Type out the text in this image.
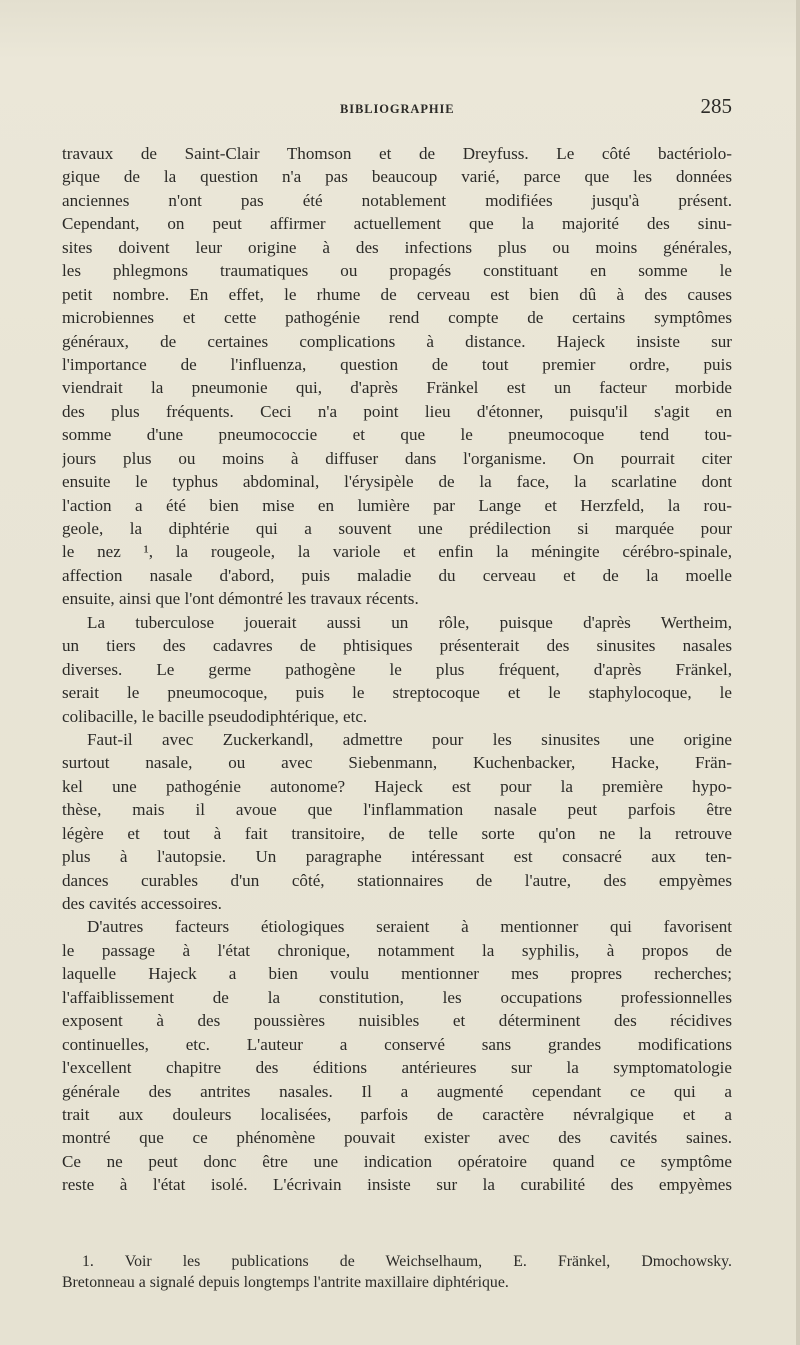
BIBLIOGRAPHIE	285
travaux de Saint-Clair Thomson et de Dreyfuss. Le côté bactériolo-
gique de la question n'a pas beaucoup varié, parce que les données
anciennes n'ont pas été notablement modifiées jusqu'à présent.
Cependant, on peut affirmer actuellement que la majorité des sinu-
sites doivent leur origine à des infections plus ou moins générales,
les phlegmons traumatiques ou propagés constituant en somme le
petit nombre. En effet, le rhume de cerveau est bien dû à des causes
microbiennes et cette pathogénie rend compte de certains symptômes
généraux, de certaines complications à distance. Hajeck insiste sur
l'importance de l'influenza, question de tout premier ordre, puis
viendrait la pneumonie qui, d'après Fränkel est un facteur morbide
des plus fréquents. Ceci n'a point lieu d'étonner, puisqu'il s'agit en
somme d'une pneumococcie et que le pneumocoque tend tou-
jours plus ou moins à diffuser dans l'organisme. On pourrait citer
ensuite le typhus abdominal, l'érysipèle de la face, la scarlatine dont
l'action a été bien mise en lumière par Lange et Herzfeld, la rou-
geole, la diphtérie qui a souvent une prédilection si marquée pour
le nez ¹, la rougeole, la variole et enfin la méningite cérébro-spinale,
affection nasale d'abord, puis maladie du cerveau et de la moelle
ensuite, ainsi que l'ont démontré les travaux récents.
La tuberculose jouerait aussi un rôle, puisque d'après Wertheim,
un tiers des cadavres de phtisiques présenterait des sinusites nasales
diverses. Le germe pathogène le plus fréquent, d'après Fränkel,
serait le pneumocoque, puis le streptocoque et le staphylocoque, le
colibacille, le bacille pseudodiphtérique, etc.
Faut-il avec Zuckerkandl, admettre pour les sinusites une origine
surtout nasale, ou avec Siebenmann, Kuchenbacker, Hacke, Frän-
kel une pathogénie autonome? Hajeck est pour la première hypo-
thèse, mais il avoue que l'inflammation nasale peut parfois être
légère et tout à fait transitoire, de telle sorte qu'on ne la retrouve
plus à l'autopsie. Un paragraphe intéressant est consacré aux ten-
dances curables d'un côté, stationnaires de l'autre, des empyèmes
des cavités accessoires.
D'autres facteurs étiologiques seraient à mentionner qui favorisent
le passage à l'état chronique, notamment la syphilis, à propos de
laquelle Hajeck a bien voulu mentionner mes propres recherches;
l'affaiblissement de la constitution, les occupations professionnelles
exposent à des poussières nuisibles et déterminent des récidives
continuelles, etc. L'auteur a conservé sans grandes modifications
l'excellent chapitre des éditions antérieures sur la symptomatologie
générale des antrites nasales. Il a augmenté cependant ce qui a
trait aux douleurs localisées, parfois de caractère névralgique et a
montré que ce phénomène pouvait exister avec des cavités saines.
Ce ne peut donc être une indication opératoire quand ce symptôme
reste à l'état isolé. L'écrivain insiste sur la curabilité des empyèmes
1. Voir les publications de Weichselhaum, E. Fränkel, Dmochowsky.
Bretonneau a signalé depuis longtemps l'antrite maxillaire diphtérique.
